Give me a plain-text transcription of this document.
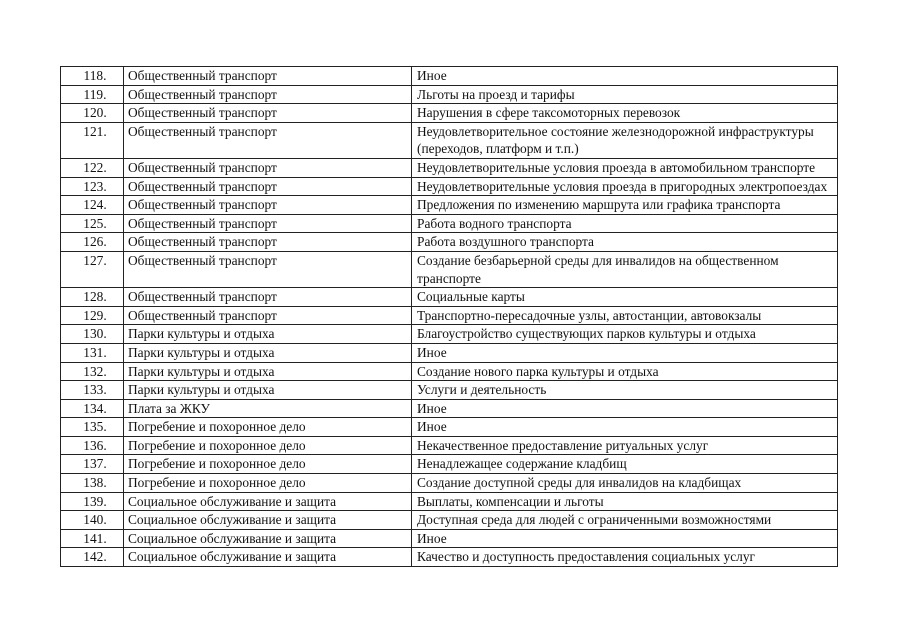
118.	Общественный транспорт	Иное
119.	Общественный транспорт	Льготы на проезд и тарифы
120.	Общественный транспорт	Нарушения в сфере таксомоторных перевозок
121.	Общественный транспорт	Неудовлетворительное состояние железнодорожной инфраструктуры (переходов, платформ и т.п.)
122.	Общественный транспорт	Неудовлетворительные условия проезда в автомобильном транспорте
123.	Общественный транспорт	Неудовлетворительные условия проезда в пригородных электропоездах
124.	Общественный транспорт	Предложения по изменению маршрута или графика транспорта
125.	Общественный транспорт	Работа водного транспорта
126.	Общественный транспорт	Работа воздушного транспорта
127.	Общественный транспорт	Создание безбарьерной среды для инвалидов на общественном транспорте
128.	Общественный транспорт	Социальные карты
129.	Общественный транспорт	Транспортно-пересадочные узлы, автостанции, автовокзалы
130.	Парки культуры и отдыха	Благоустройство существующих парков культуры и отдыха
131.	Парки культуры и отдыха	Иное
132.	Парки культуры и отдыха	Создание нового парка культуры и отдыха
133.	Парки культуры и отдыха	Услуги и деятельность
134.	Плата за ЖКУ	Иное
135.	Погребение и похоронное дело	Иное
136.	Погребение и похоронное дело	Некачественное предоставление ритуальных услуг
137.	Погребение и похоронное дело	Ненадлежащее содержание кладбищ
138.	Погребение и похоронное дело	Создание доступной среды для инвалидов на кладбищах
139.	Социальное обслуживание и защита	Выплаты, компенсации и льготы
140.	Социальное обслуживание и защита	Доступная среда для людей с ограниченными возможностями
141.	Социальное обслуживание и защита	Иное
142.	Социальное обслуживание и защита	Качество и доступность предоставления социальных услуг
